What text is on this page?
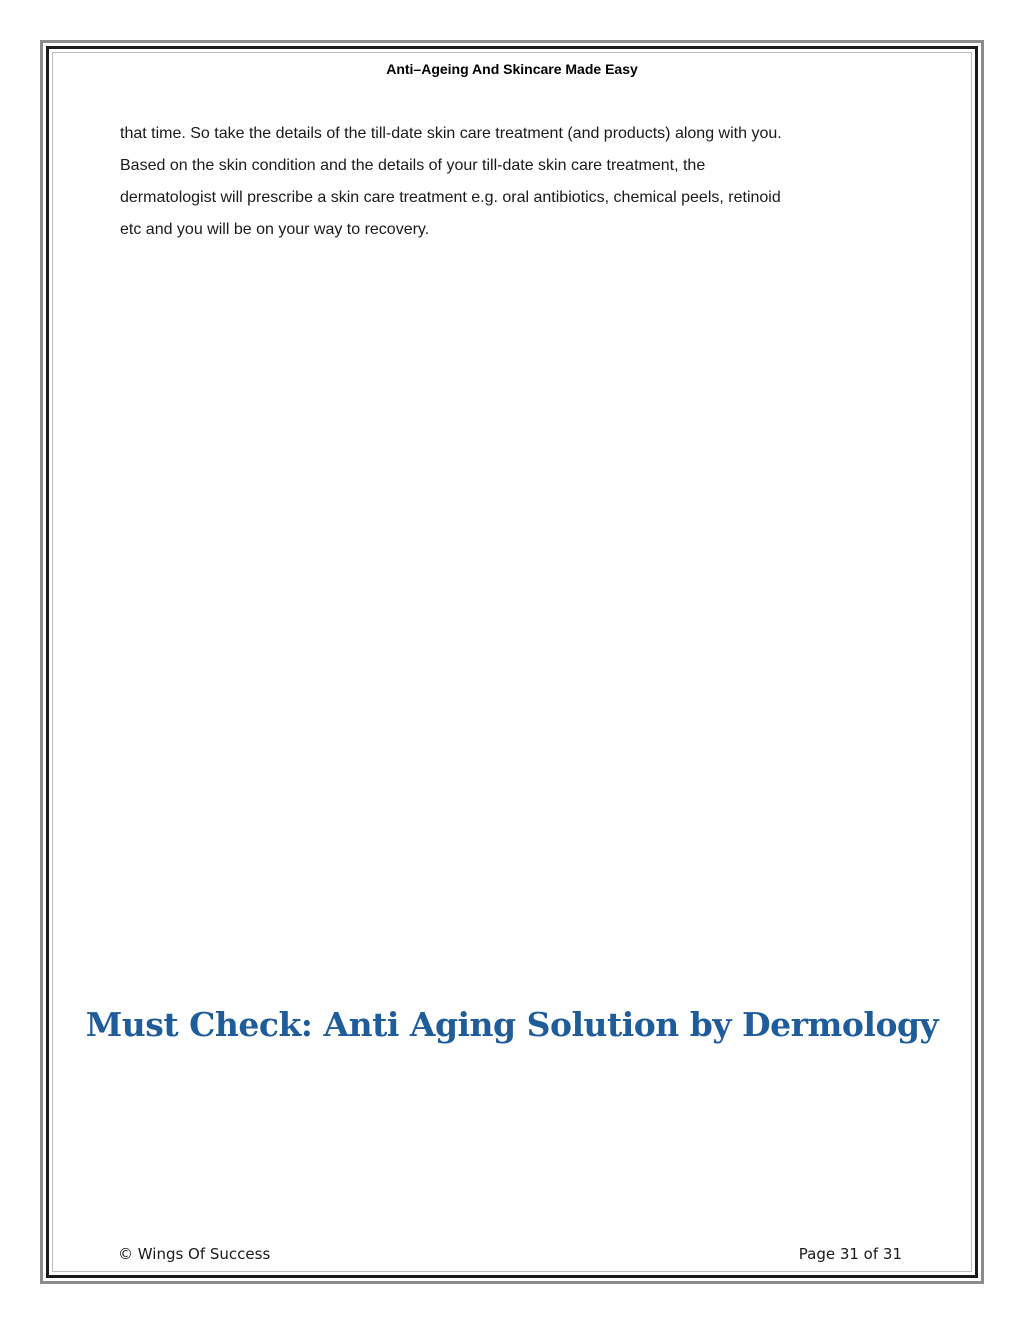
Anti–Ageing And Skincare Made Easy

that time. So take the details of the till-date skin care treatment (and products) along with you.

Based on the skin condition and the details of your till-date skin care treatment, the

dermatologist will prescribe a skin care treatment e.g. oral antibiotics, chemical peels, retinoid

etc and you will be on your way to recovery.

Must Check: Anti Aging Solution by Dermology
© Wings Of Success	Page 31 of 31
